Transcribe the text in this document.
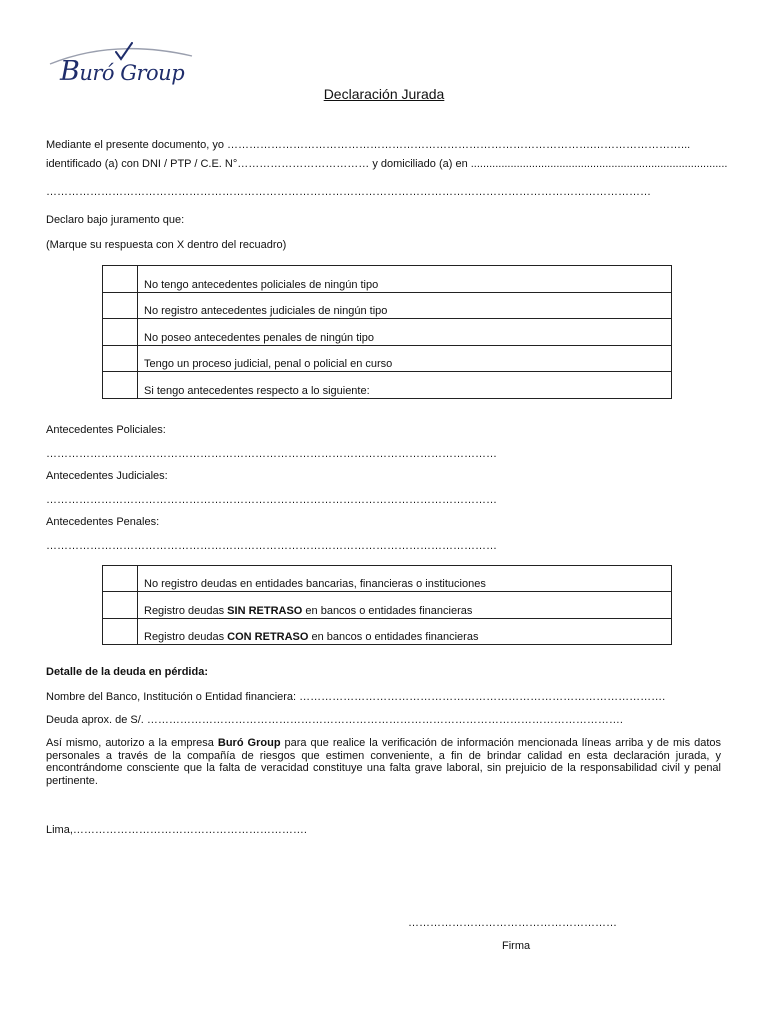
Buró Group
Declaración Jurada
Mediante el presente documento, yo ……………………………………………………………………………………….……………………...
identificado (a) con DNI / PTP / C.E. N°……………………………… y domiciliado (a) en ....................................................................................
…………………………………………………………………………………………………………………………………………………
Declaro bajo juramento que:
(Marque su respuesta con X dentro del recuadro)
	No tengo antecedentes policiales de ningún tipo
	No registro antecedentes judiciales de ningún tipo
	No poseo antecedentes penales de ningún tipo
	Tengo un proceso judicial, penal o policial en curso
	Si tengo antecedentes respecto a lo siguiente:
Antecedentes Policiales:
……………………………………………………………………………………………………………
Antecedentes Judiciales:
……………………………………………………………………………………………………………
Antecedentes Penales:
……………………………………………………………………………………………………………
	No registro deudas en entidades bancarias, financieras o instituciones
	Registro deudas SIN RETRASO en bancos o entidades financieras
	Registro deudas CON RETRASO en bancos o entidades financieras
Detalle de la deuda en pérdida:
Nombre del Banco, Institución o Entidad financiera: ……………………………………………………………………………………….
Deuda aprox. de S/. ………………………………………………………………………………………………………………….
Así mismo, autorizo a la empresa Buró Group para que realice la verificación de información mencionada líneas arriba y de mis datos personales a través de la compañía de riesgos que estimen conveniente, a fin de brindar calidad en esta declaración jurada, y encontrándome consciente que la falta de veracidad constituye una falta grave laboral, sin prejuicio de la responsabilidad civil y penal pertinente.
Lima,……………………………………………………….
…………………………………………………
Firma
